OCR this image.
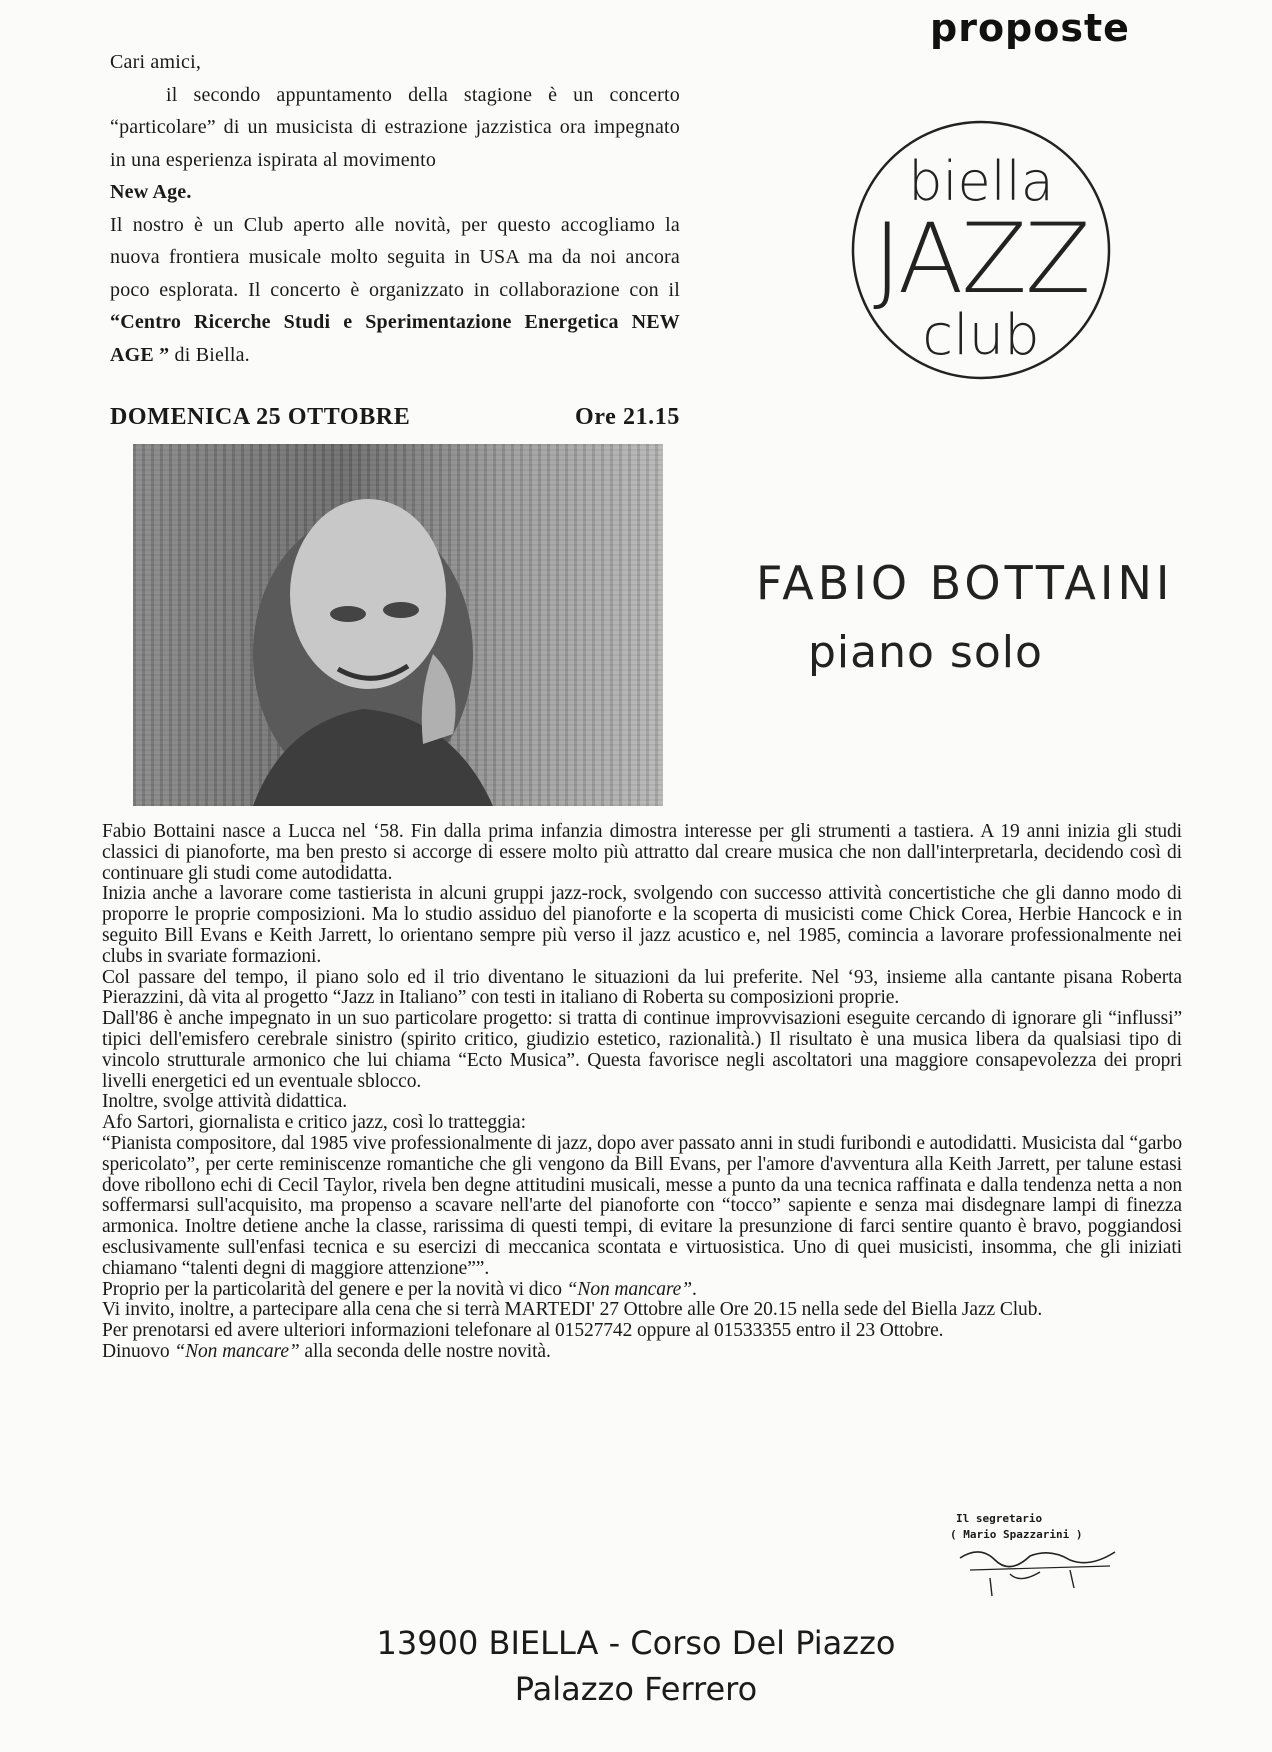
proposte

Cari amici,

il secondo appuntamento della stagione è un concerto “particolare” di un musicista di estrazione jazzistica ora impegnato in una esperienza ispirata al movimento
New Age.

Il nostro è un Club aperto alle novità, per questo accogliamo la nuova frontiera musicale molto seguita in USA ma da noi ancora poco esplorata. Il concerto è organizzato in collaborazione con il “Centro Ricerche Studi e Sperimentazione Energetica NEW AGE ” di Biella.

biella
JAZZ
club
DOMENICA 25 OTTOBRE	Ore 21.15
FABIO BOTTAINI
piano solo

Fabio Bottaini nasce a Lucca nel ‘58. Fin dalla prima infanzia dimostra interesse per gli strumenti a tastiera. A 19 anni inizia gli studi classici di pianoforte, ma ben presto si accorge di essere molto più attratto dal creare musica che non dall'interpretarla, decidendo così di continuare gli studi come autodidatta.

Inizia anche a lavorare come tastierista in alcuni gruppi jazz-rock, svolgendo con successo attività concertistiche che gli danno modo di proporre le proprie composizioni. Ma lo studio assiduo del pianoforte e la scoperta di musicisti come Chick Corea, Herbie Hancock e in seguito Bill Evans e Keith Jarrett, lo orientano sempre più verso il jazz acustico e, nel 1985, comincia a lavorare professionalmente nei clubs in svariate formazioni.

Col passare del tempo, il piano solo ed il trio diventano le situazioni da lui preferite. Nel ‘93, insieme alla cantante pisana Roberta Pierazzini, dà vita al progetto “Jazz in Italiano” con testi in italiano di Roberta su composizioni proprie.

Dall'86 è anche impegnato in un suo particolare progetto: si tratta di continue improvvisazioni eseguite cercando di ignorare gli “influssi” tipici dell'emisfero cerebrale sinistro (spirito critico, giudizio estetico, razionalità.) Il risultato è una musica libera da qualsiasi tipo di vincolo strutturale armonico che lui chiama “Ecto Musica”. Questa favorisce negli ascoltatori una maggiore consapevolezza dei propri livelli energetici ed un eventuale sblocco.

Inoltre, svolge attività didattica.

Afo Sartori, giornalista e critico jazz, così lo tratteggia:

“Pianista compositore, dal 1985 vive professionalmente di jazz, dopo aver passato anni in studi furibondi e autodidatti. Musicista dal “garbo spericolato”, per certe reminiscenze romantiche che gli vengono da Bill Evans, per l'amore d'avventura alla Keith Jarrett, per talune estasi dove ribollono echi di Cecil Taylor, rivela ben degne attitudini musicali, messe a punto da una tecnica raffinata e dalla tendenza netta a non soffermarsi sull'acquisito, ma propenso a scavare nell'arte del pianoforte con “tocco” sapiente e senza mai disdegnare lampi di finezza armonica. Inoltre detiene anche la classe, rarissima di questi tempi, di evitare la presunzione di farci sentire quanto è bravo, poggiandosi esclusivamente sull'enfasi tecnica e su esercizi di meccanica scontata e virtuosistica. Uno di quei musicisti, insomma, che gli iniziati chiamano “talenti degni di maggiore attenzione””.

Proprio per la particolarità del genere e per la novità vi dico “Non mancare”.

Vi invito, inoltre, a partecipare alla cena che si terrà MARTEDI' 27 Ottobre alle Ore 20.15 nella sede del Biella Jazz Club.

Per prenotarsi ed avere ulteriori informazioni telefonare al 01527742 oppure al 01533355 entro il 23 Ottobre.

Dinuovo “Non mancare” alla seconda delle nostre novità.

Il segretario
( Mario Spazzarini )
13900 BIELLA - Corso Del Piazzo
Palazzo Ferrero
